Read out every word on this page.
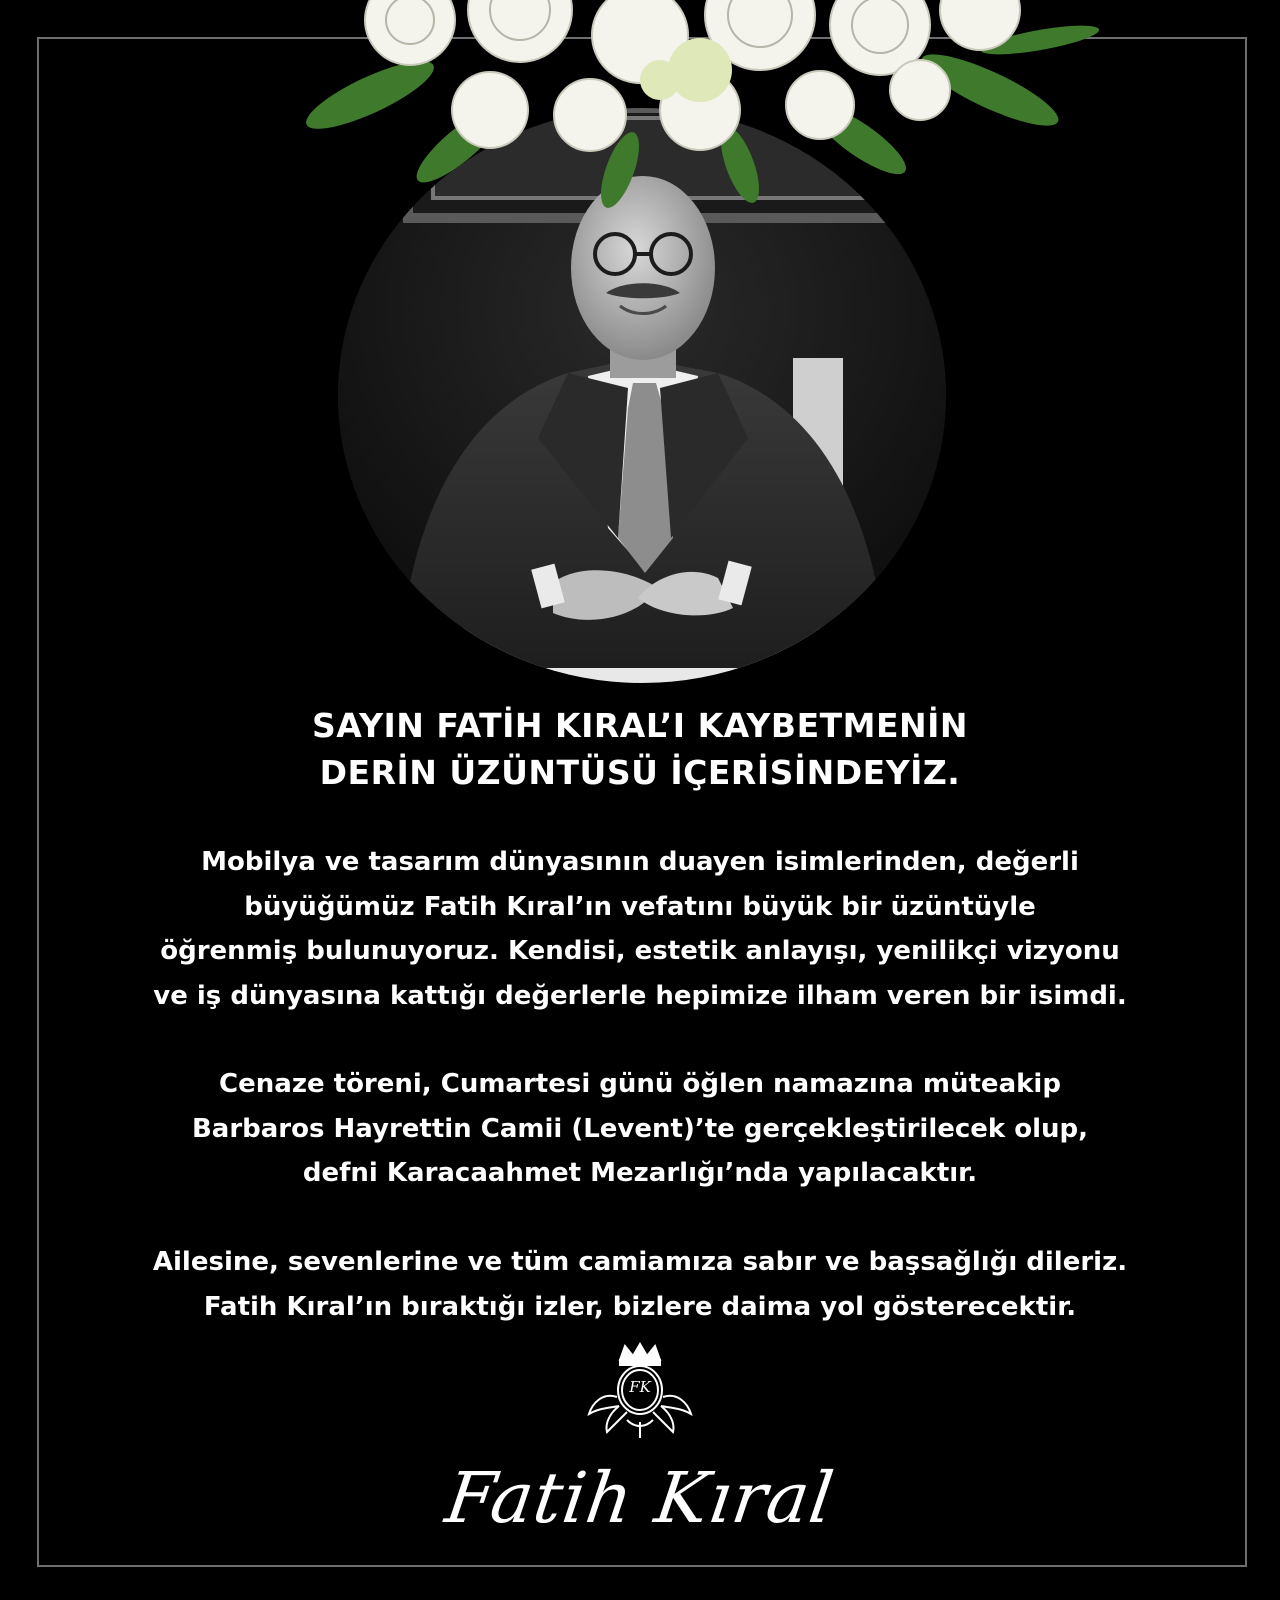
SAYIN FATİH KIRAL’I KAYBETMENİN
DERİN ÜZÜNTÜSÜ İÇERİSİNDEYİZ.
Mobilya ve tasarım dünyasının duayen isimlerinden, değerli
büyüğümüz Fatih Kıral’ın vefatını büyük bir üzüntüyle
öğrenmiş bulunuyoruz. Kendisi, estetik anlayışı, yenilikçi vizyonu
ve iş dünyasına kattığı değerlerle hepimize ilham veren bir isimdi.
Cenaze töreni, Cumartesi günü öğlen namazına müteakip
Barbaros Hayrettin Camii (Levent)’te gerçekleştirilecek olup,
defni Karacaahmet Mezarlığı’nda yapılacaktır.
Ailesine, sevenlerine ve tüm camiamıza sabır ve başsağlığı dileriz.
Fatih Kıral’ın bıraktığı izler, bizlere daima yol gösterecektir.
FK
Fatih Kıral
